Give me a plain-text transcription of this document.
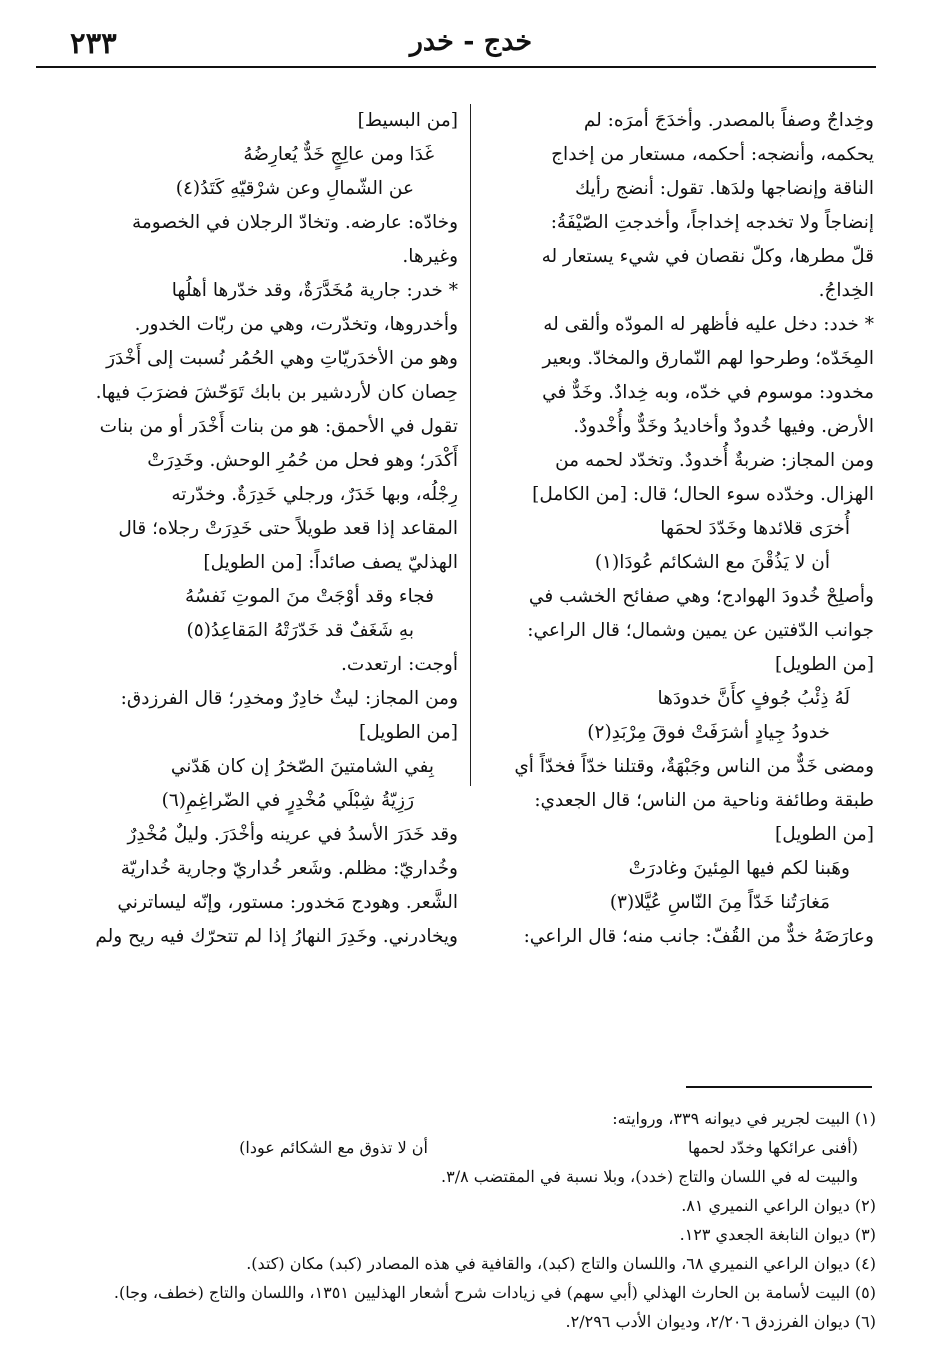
٢٣٣	خدج - خدر

وخِداجٌ وصفاً بالمصدر. وأخدَجَ أمرَه: لم

يحكمه، وأنضجه: أحكمه، مستعار من إخداج

الناقة وإنضاجها ولدَها. تقول: أنضج رأيك

إنضاجاً ولا تخدجه إخداجاً، وأخدجتِ الصّيْفَةُ:

قلّ مطرها، وكلّ نقصان في شيء يستعار له

الخِداجُ.

* خدد: دخل عليه فأظهر له المودّه وألقى له

المِخَدّه؛ وطرحوا لهم النّمارق والمخادّ. وبعير

مخدود: موسوم في خدّه، وبه خِدادٌ. وخَدٌّ في

الأرض. وفيها خُدودٌ وأخاديدُ وخَدٌّ وأُخْدودٌ.

ومن المجاز: ضربةٌ أُخدودٌ. وتخدّد لحمه من

الهزال. وخدّده سوء الحال؛ قال: [من الكامل]

أُخرَى قلائدها وخَدّدَ لحمَها

أن لا يَذُقْنَ مع الشكائم عُودَا(١)

وأصلِحْ خُدودَ الهوادج؛ وهي صفائح الخشب في

جوانب الدّفتين عن يمين وشمال؛ قال الراعي:

[من الطويل]

لَهُ ذِئْبُ جُوفٍ كأَنَّ خدودَها

خدودُ جِيادٍ أشرَفَتْ فوقَ مِرْبَدِ(٢)

ومضى خَدٌّ من الناس وجَبْهَةٌ، وقتلنا خدّاً فخدّاً أي

طبقة وطائفة وناحية من الناس؛ قال الجعدي:

[من الطويل]

وهَبنا لكم فيها المِئينَ وغادرَتْ

مَغارَتُنا خَدّاً مِنَ النّاسِ عُيَّلا(٣)

وعارَضَهُ خدٌّ من القُفّ: جانب منه؛ قال الراعي:

[من البسيط]

غَدَا ومن عالِجٍ خَدٌّ يُعارِضُهُ

عن الشّمالِ وعن شرْقيّهِ كَتَدُ(٤)

وخادّه: عارضه. وتخادّ الرجلان في الخصومة

وغيرها.

* خدر: جارية مُخَدَّرَةٌ، وقد خدّرها أهلُها

وأخدروها، وتخدّرت، وهي من ربّات الخدور.

وهو من الأخدَريّاتِ وهي الحُمُر نُسبت إلى أَخْدَرَ

حِصان كان لأردشير بن بابك تَوَحّشَ فضرَبَ فيها.

تقول في الأحمق: هو من بنات أَخْدَر أو من بنات

أَكْدَر؛ وهو فحل من حُمُرِ الوحش. وخَدِرَتْ

رِجْلُه، وبها خَدَرٌ، ورجلي خَدِرَةٌ. وخدّرته

المقاعد إذا قعد طويلاً حتى خَدِرَتْ رجلاه؛ قال

الهذليّ يصف صائداً: [من الطويل]

فجاء وقد أوْجَتْ منَ الموتِ نَفسُهُ

بهِ شَغَفٌ قد خَدّرَتْهُ المَقاعِدُ(٥)

أوجت: ارتعدت.

ومن المجاز: ليثٌ خادِرٌ ومخدِر؛ قال الفرزدق:

[من الطويل]

بِفي الشامتينَ الصّخرُ إن كان هَدّني

رَزِيّةُ شِبْلَي مُخْدِرٍ في الضّراغِمِ(٦)

وقد خَدَرَ الأسدُ في عرينه وأخْدَرَ. وليلٌ مُخْدِرٌ

وخُداريّ: مظلم. وشَعر خُداريّ وجارية خُداريّة

الشَّعر. وهودج مَخدور: مستور، وإنّه ليساترني

ويخادرني. وخَدِرَ النهارُ إذا لم تتحرّك فيه ريح ولم

(١) البيت لجرير في ديوانه ٣٣٩، وروايته:
(أفنى عرائكها وخدّد لحمها
أن لا تذوق مع الشكائم عودا)
والبيت له في اللسان والتاج (خدد)، وبلا نسبة في المقتضب ٣/٨.
(٢) ديوان الراعي النميري ٨١.
(٣) ديوان النابغة الجعدي ١٢٣.
(٤) ديوان الراعي النميري ٦٨، واللسان والتاج (كبد)، والقافية في هذه المصادر (كبد) مكان (كتد).
(٥) البيت لأسامة بن الحارث الهذلي (أبي سهم) في زيادات شرح أشعار الهذليين ١٣٥١، واللسان والتاج (خطف، وجا).
(٦) ديوان الفرزدق ٢/٢٠٦، وديوان الأدب ٢/٢٩٦.
